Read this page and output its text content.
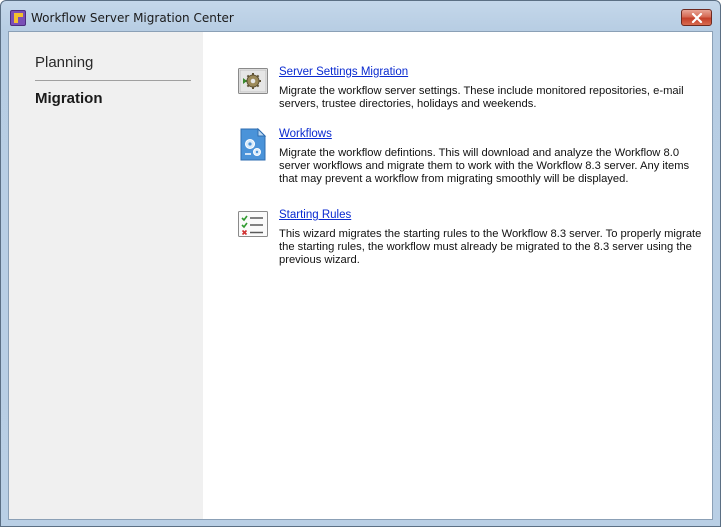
Workflow Server Migration Center
Planning
Migration
Server Settings Migration
Migrate the workflow server settings. These include monitored repositories, e-mail servers, trustee directories, holidays and weekends.
Workflows
Migrate the workflow defintions. This will download and analyze the Workflow 8.0 server workflows and migrate them to work with the Workflow 8.3 server. Any items that may prevent a workflow from migrating smoothly will be displayed.
Starting Rules
This wizard migrates the starting rules to the Workflow 8.3 server. To properly migrate the starting rules, the workflow must already be migrated to the 8.3 server using the previous wizard.
